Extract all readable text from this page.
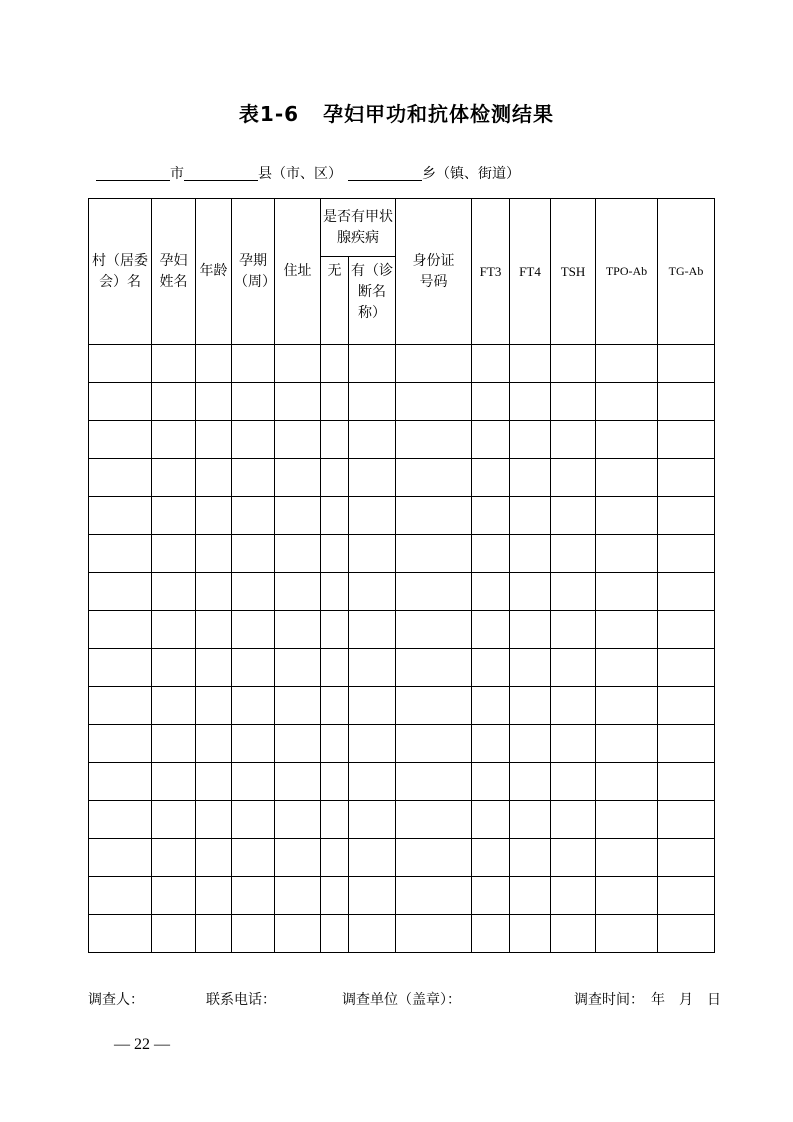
表1-6 孕妇甲功和抗体检测结果
市	县（市、区）	乡（镇、街道）
村（居委会）名	孕妇姓名	年龄	孕期（周）	住址	是否有甲状腺疾病		身份证号码	FT3	FT4	TSH	TPO-Ab	TG-Ab
					无	有（诊断名称）						

调查人：	联系电话：	调查单位（盖章）：	调查时间：　年　月　日
— 22 —
